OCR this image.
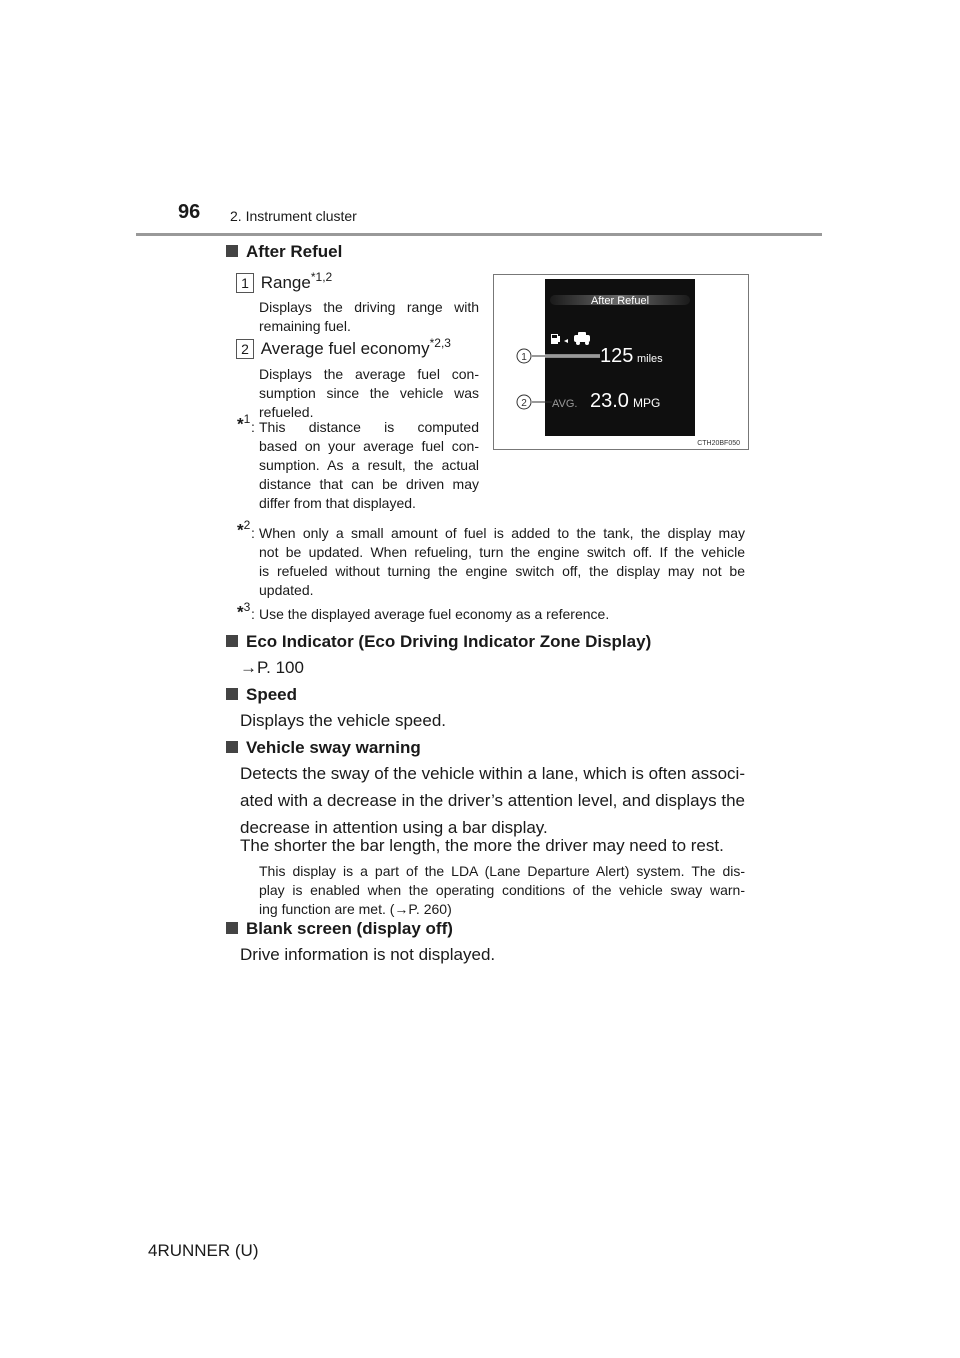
96 2. Instrument cluster
After Refuel
1 Range$^{*1,2}$
Displays the driving range with
remaining fuel.
2 Average fuel economy$^{*2,3}$
Displays the average fuel con-
sumption since the vehicle was
refueled.
*$^1$ : This distance is computed
based on your average fuel con-
sumption. As a result, the actual
distance that can be driven may
differ from that displayed.
After Refuel
125 miles
AVG. 23.0 MPG
1
2
CTH20BF050
*$^2$ : When only a small amount of fuel is added to the tank, the display may
not be updated. When refueling, turn the engine switch off. If the vehicle
is refueled without turning the engine switch off, the display may not be
updated.
*$^3$ : Use the displayed average fuel economy as a reference.
Eco Indicator (Eco Driving Indicator Zone Display)
→P. 100
Speed
Displays the vehicle speed.
Vehicle sway warning
Detects the sway of the vehicle within a lane, which is often associ-
ated with a decrease in the driver’s attention level, and displays the
decrease in attention using a bar display.
The shorter the bar length, the more the driver may need to rest.
This display is a part of the LDA (Lane Departure Alert) system. The dis-
play is enabled when the operating conditions of the vehicle sway warn-
ing function are met. (→P. 260)
Blank screen (display off)
Drive information is not displayed.
4RUNNER (U)
